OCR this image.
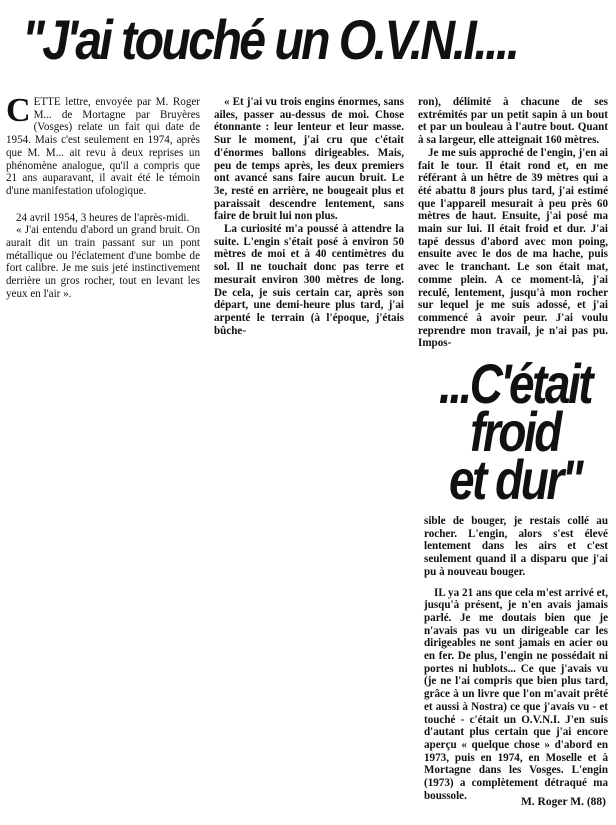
"J'ai touché un O.V.N.I....

CETTE lettre, envoyée par M. Roger M... de Mortagne par Bruyères (Vosges) relate un fait qui date de 1954. Mais c'est seulement en 1974, après que M. M... ait revu à deux reprises un phénomène analogue, qu'il a compris que 21 ans auparavant, il avait été le témoin d'une manifestation ufologique.

24 avril 1954, 3 heures de l'après-midi.

« J'ai entendu d'abord un grand bruit. On aurait dit un train passant sur un pont métallique ou l'éclatement d'une bombe de fort calibre. Je me suis jeté instinctivement derrière un gros rocher, tout en levant les yeux en l'air ».

« Et j'ai vu trois engins énormes, sans ailes, passer au-dessus de moi. Chose étonnante : leur lenteur et leur masse. Sur le moment, j'ai cru que c'était d'énormes ballons dirigeables. Mais, peu de temps après, les deux premiers ont avancé sans faire aucun bruit. Le 3e, resté en arrière, ne bougeait plus et paraissait descendre lentement, sans faire de bruit lui non plus.

La curiosité m'a poussé à attendre la suite. L'engin s'était posé à environ 50 mètres de moi et à 40 centimètres du sol. Il ne touchait donc pas terre et mesurait environ 300 mètres de long. De cela, je suis certain car, après son départ, une demi-heure plus tard, j'ai arpenté le terrain (à l'époque, j'étais bûche-

ron), délimité à chacune de ses extrémités par un petit sapin à un bout et par un bouleau à l'autre bout. Quant à sa largeur, elle atteignait 160 mètres.

Je me suis approché de l'engin, j'en ai fait le tour. Il était rond et, en me référant à un hêtre de 39 mètres qui a été abattu 8 jours plus tard, j'ai estimé que l'appareil mesurait à peu près 60 mètres de haut. Ensuite, j'ai posé ma main sur lui. Il était froid et dur. J'ai tapé dessus d'abord avec mon poing, ensuite avec le dos de ma hache, puis avec le tranchant. Le son était mat, comme plein. A ce moment-là, j'ai reculé, lentement, jusqu'à mon rocher sur lequel je me suis adossé, et j'ai commencé à avoir peur. J'ai voulu reprendre mon travail, je n'ai pas pu. Impos-

...C'était
froid
et dur"

sible de bouger, je restais collé au rocher. L'engin, alors s'est élevé lentement dans les airs et c'est seulement quand il a disparu que j'ai pu à nouveau bouger.

IL ya 21 ans que cela m'est arrivé et, jusqu'à présent, je n'en avais jamais parlé. Je me doutais bien que je n'avais pas vu un dirigeable car les dirigeables ne sont jamais en acier ou en fer. De plus, l'engin ne possédait ni portes ni hublots... Ce que j'avais vu (je ne l'ai compris que bien plus tard, grâce à un livre que l'on m'avait prêté et aussi à Nostra) ce que j'avais vu - et touché - c'était un O.V.N.I. J'en suis d'autant plus certain que j'ai encore aperçu « quelque chose » d'abord en 1973, puis en 1974, en Moselle et à Mortagne dans les Vosges. L'engin (1973) a complètement détraqué ma boussole.

M. Roger M. (88)
